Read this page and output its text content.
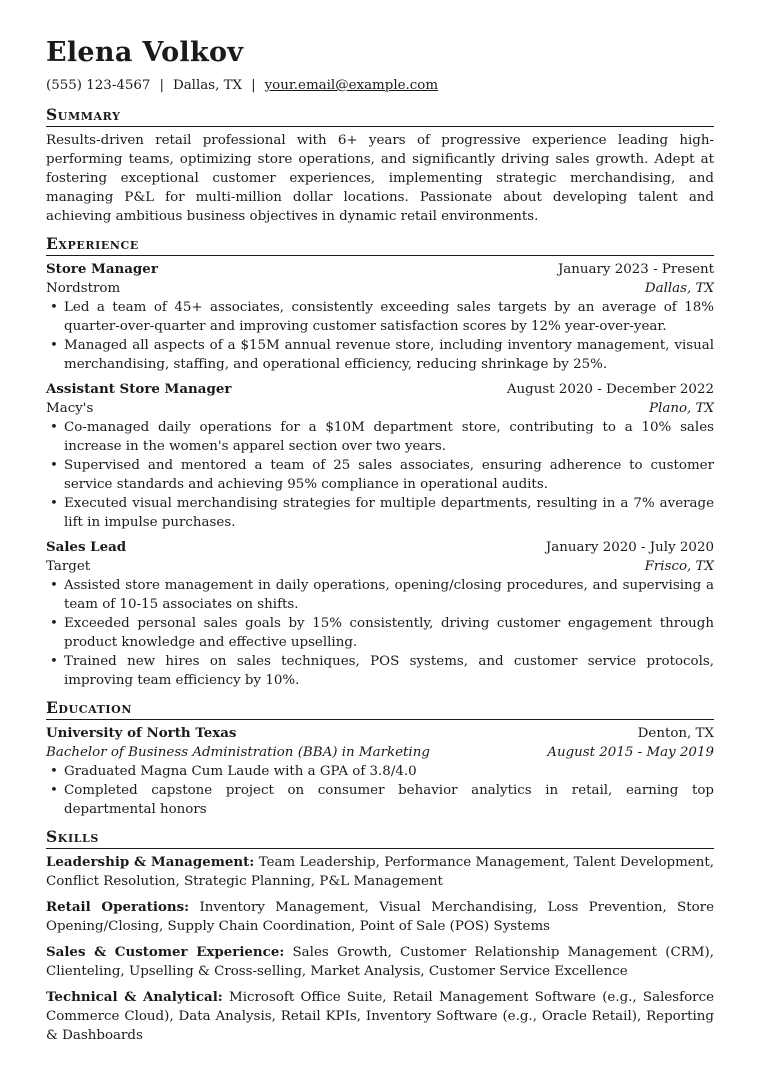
Elena Volkov
(555) 123-4567 | Dallas, TX | your.email@example.com
Summary

Results-driven retail professional with 6+ years of progressive experience leading high-performing teams, optimizing store operations, and significantly driving sales growth. Adept at fostering exceptional customer experiences, implementing strategic merchandising, and managing P&L for multi-million dollar locations. Passionate about developing talent and achieving ambitious business objectives in dynamic retail environments.

Experience
Store Manager	January 2023 - Present
Nordstrom	Dallas, TX
• Led a team of 45+ associates, consistently exceeding sales targets by an average of 18% quarter-over-quarter and improving customer satisfaction scores by 12% year-over-year.
• Managed all aspects of a $15M annual revenue store, including inventory management, visual merchandising, staffing, and operational efficiency, reducing shrinkage by 25%.
Assistant Store Manager	August 2020 - December 2022
Macy's	Plano, TX
• Co-managed daily operations for a $10M department store, contributing to a 10% sales increase in the women's apparel section over two years.
• Supervised and mentored a team of 25 sales associates, ensuring adherence to customer service standards and achieving 95% compliance in operational audits.
• Executed visual merchandising strategies for multiple departments, resulting in a 7% average lift in impulse purchases.
Sales Lead	January 2020 - July 2020
Target	Frisco, TX
• Assisted store management in daily operations, opening/closing procedures, and supervising a team of 10-15 associates on shifts.
• Exceeded personal sales goals by 15% consistently, driving customer engagement through product knowledge and effective upselling.
• Trained new hires on sales techniques, POS systems, and customer service protocols, improving team efficiency by 10%.
Education
University of North Texas	Denton, TX
Bachelor of Business Administration (BBA) in Marketing	August 2015 - May 2019
• Graduated Magna Cum Laude with a GPA of 3.8/4.0
• Completed capstone project on consumer behavior analytics in retail, earning top departmental honors
Skills
Leadership & Management: Team Leadership, Performance Management, Talent Development, Conflict Resolution, Strategic Planning, P&L Management
Retail Operations: Inventory Management, Visual Merchandising, Loss Prevention, Store Opening/Closing, Supply Chain Coordination, Point of Sale (POS) Systems
Sales & Customer Experience: Sales Growth, Customer Relationship Management (CRM), Clienteling, Upselling & Cross-selling, Market Analysis, Customer Service Excellence
Technical & Analytical: Microsoft Office Suite, Retail Management Software (e.g., Salesforce Commerce Cloud), Data Analysis, Retail KPIs, Inventory Software (e.g., Oracle Retail), Reporting & Dashboards
